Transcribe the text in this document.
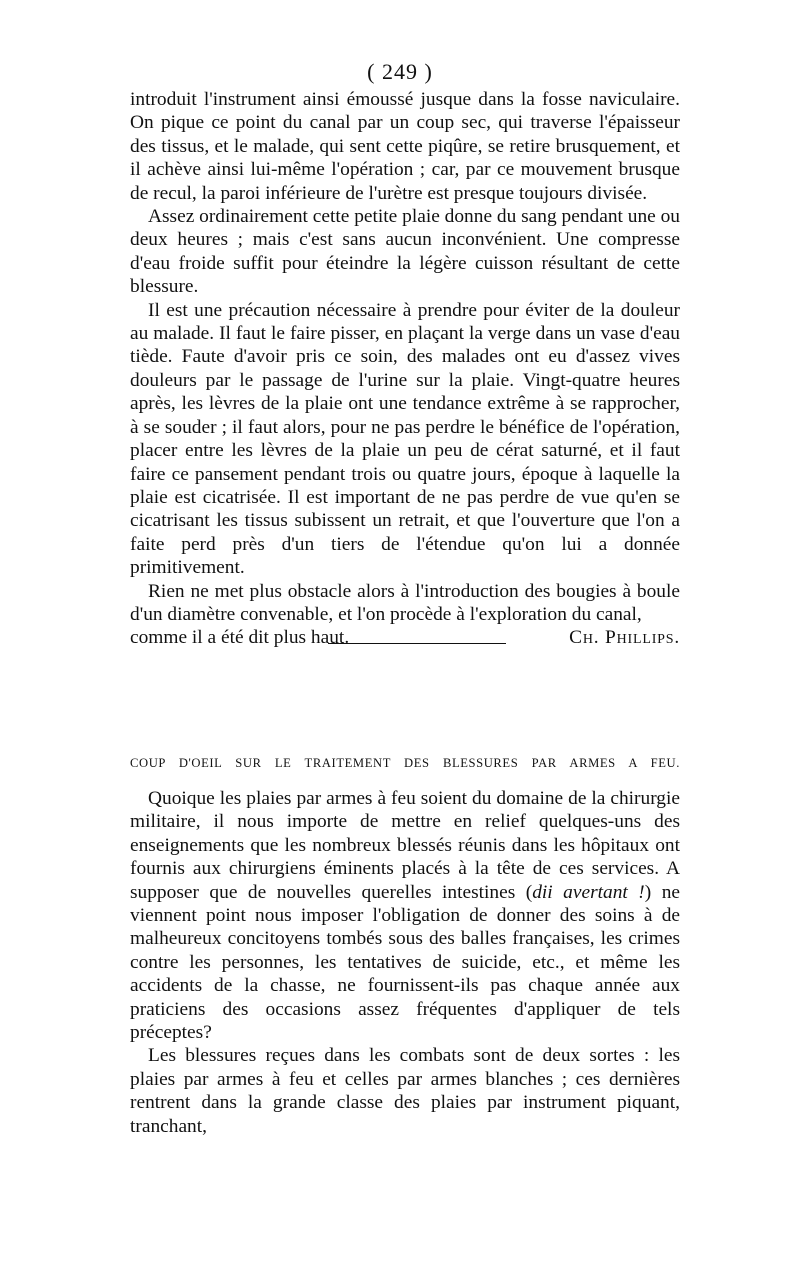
( 249 )

introduit l'instrument ainsi émoussé jusque dans la fosse naviculaire. On pique ce point du canal par un coup sec, qui traverse l'épaisseur des tissus, et le malade, qui sent cette piqûre, se retire brusquement, et il achève ainsi lui-même l'opération ; car, par ce mouvement brusque de recul, la paroi inférieure de l'urètre est presque toujours divisée.

Assez ordinairement cette petite plaie donne du sang pendant une ou deux heures ; mais c'est sans aucun inconvénient. Une compresse d'eau froide suffit pour éteindre la légère cuisson résultant de cette blessure.

Il est une précaution nécessaire à prendre pour éviter de la douleur au malade. Il faut le faire pisser, en plaçant la verge dans un vase d'eau tiède. Faute d'avoir pris ce soin, des malades ont eu d'assez vives douleurs par le passage de l'urine sur la plaie. Vingt-quatre heures après, les lèvres de la plaie ont une tendance extrême à se rapprocher, à se souder ; il faut alors, pour ne pas perdre le bénéfice de l'opération, placer entre les lèvres de la plaie un peu de cérat saturné, et il faut faire ce pansement pendant trois ou quatre jours, époque à laquelle la plaie est cicatrisée. Il est important de ne pas perdre de vue qu'en se cicatrisant les tissus subissent un retrait, et que l'ouverture que l'on a faite perd près d'un tiers de l'étendue qu'on lui a donnée primitivement.

Rien ne met plus obstacle alors à l'introduction des bougies à boule d'un diamètre convenable, et l'on procède à l'exploration du canal,

comme il a été dit plus haut.	Ch. Phillips.
COUP D'OEIL SUR LE TRAITEMENT DES BLESSURES PAR ARMES A FEU.

Quoique les plaies par armes à feu soient du domaine de la chirurgie militaire, il nous importe de mettre en relief quelques-uns des enseignements que les nombreux blessés réunis dans les hôpitaux ont fournis aux chirurgiens éminents placés à la tête de ces services. A supposer que de nouvelles querelles intestines (dii avertant !) ne viennent point nous imposer l'obligation de donner des soins à de malheureux concitoyens tombés sous des balles françaises, les crimes contre les personnes, les tentatives de suicide, etc., et même les accidents de la chasse, ne fournissent-ils pas chaque année aux praticiens des occasions assez fréquentes d'appliquer de tels préceptes?

Les blessures reçues dans les combats sont de deux sortes : les plaies par armes à feu et celles par armes blanches ; ces dernières rentrent dans la grande classe des plaies par instrument piquant, tranchant,
